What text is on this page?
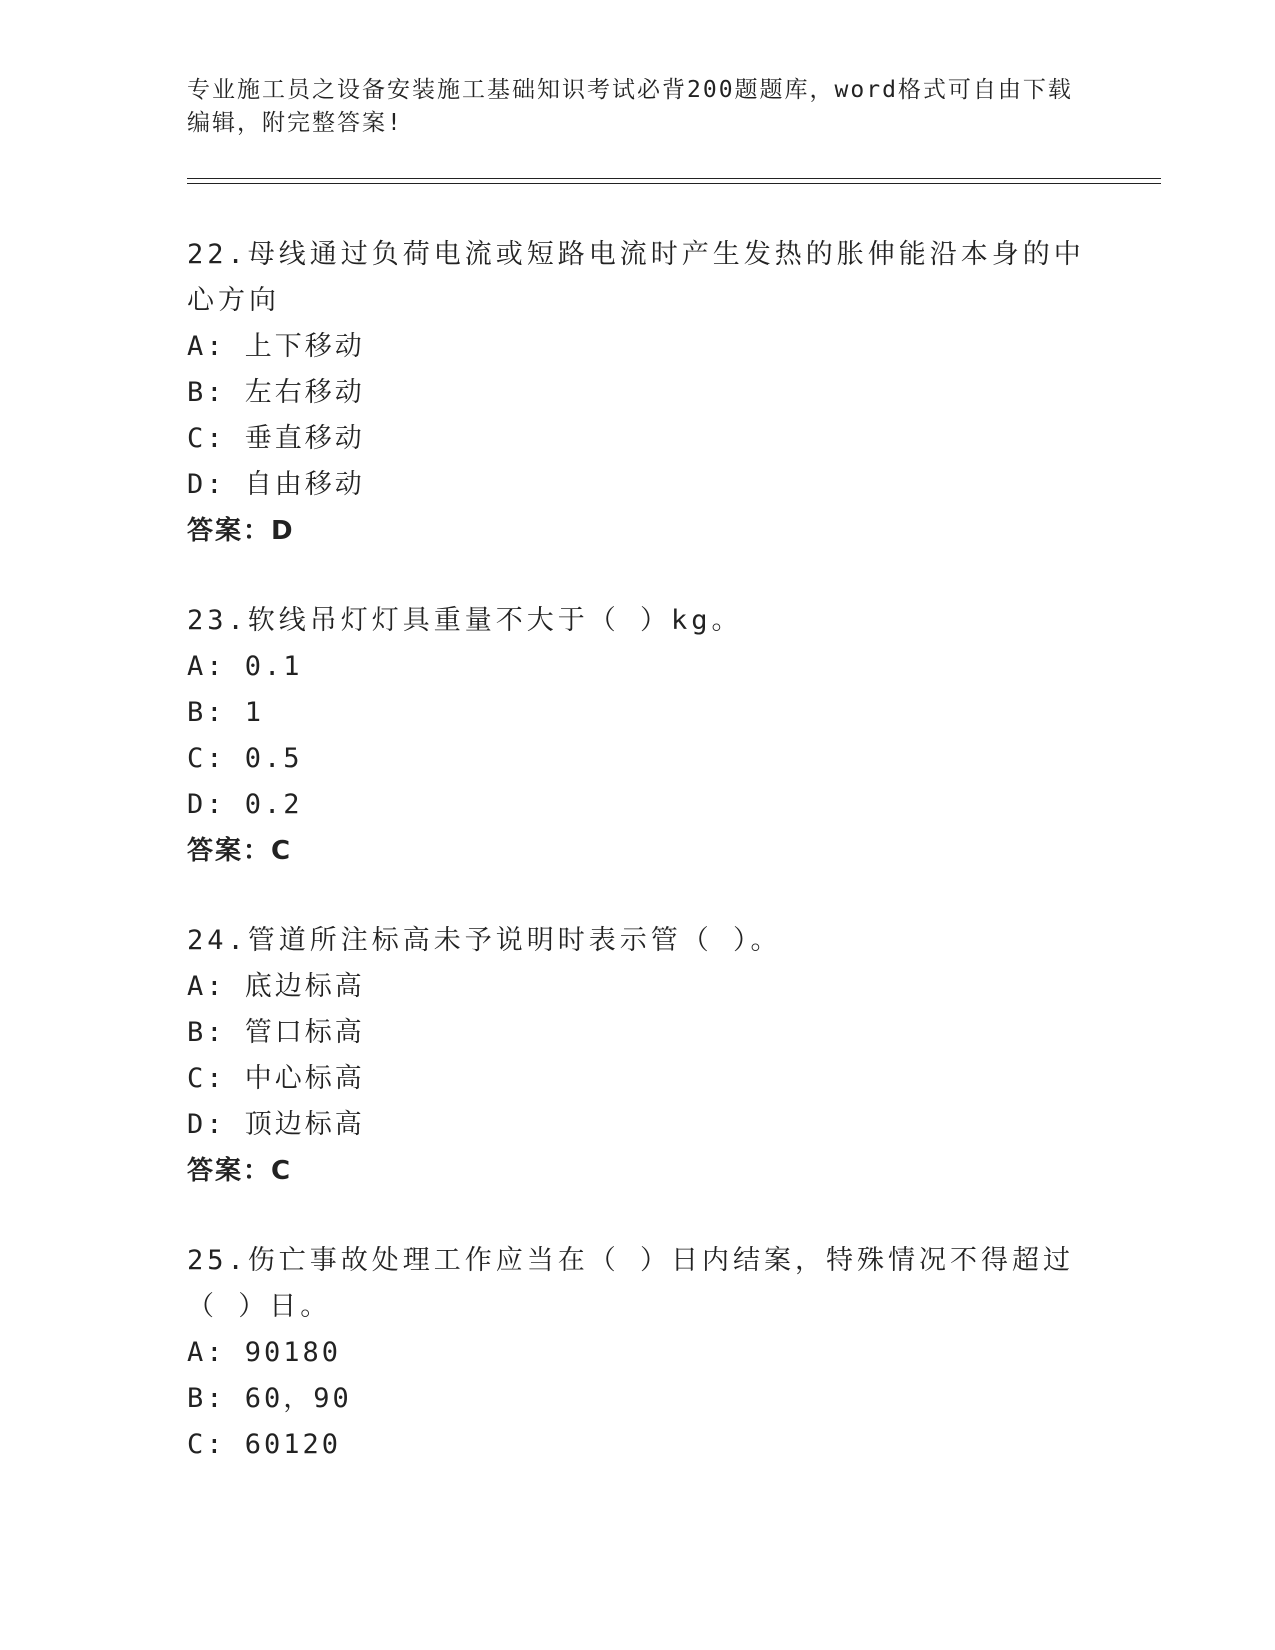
专业施工员之设备安装施工基础知识考试必背200题题库，word格式可自由下载编辑，附完整答案!

22.母线通过负荷电流或短路电流时产生发热的胀伸能沿本身的中心方向

A: 上下移动

B: 左右移动

C: 垂直移动

D: 自由移动

答案：D

23.软线吊灯灯具重量不大于（ ）kg。

A: 0.1

B: 1

C: 0.5

D: 0.2

答案：C

24.管道所注标高未予说明时表示管（ ）。

A: 底边标高

B: 管口标高

C: 中心标高

D: 顶边标高

答案：C

25.伤亡事故处理工作应当在（ ）日内结案，特殊情况不得超过（ ）日。

A: 90180

B: 60，90

C: 60120
